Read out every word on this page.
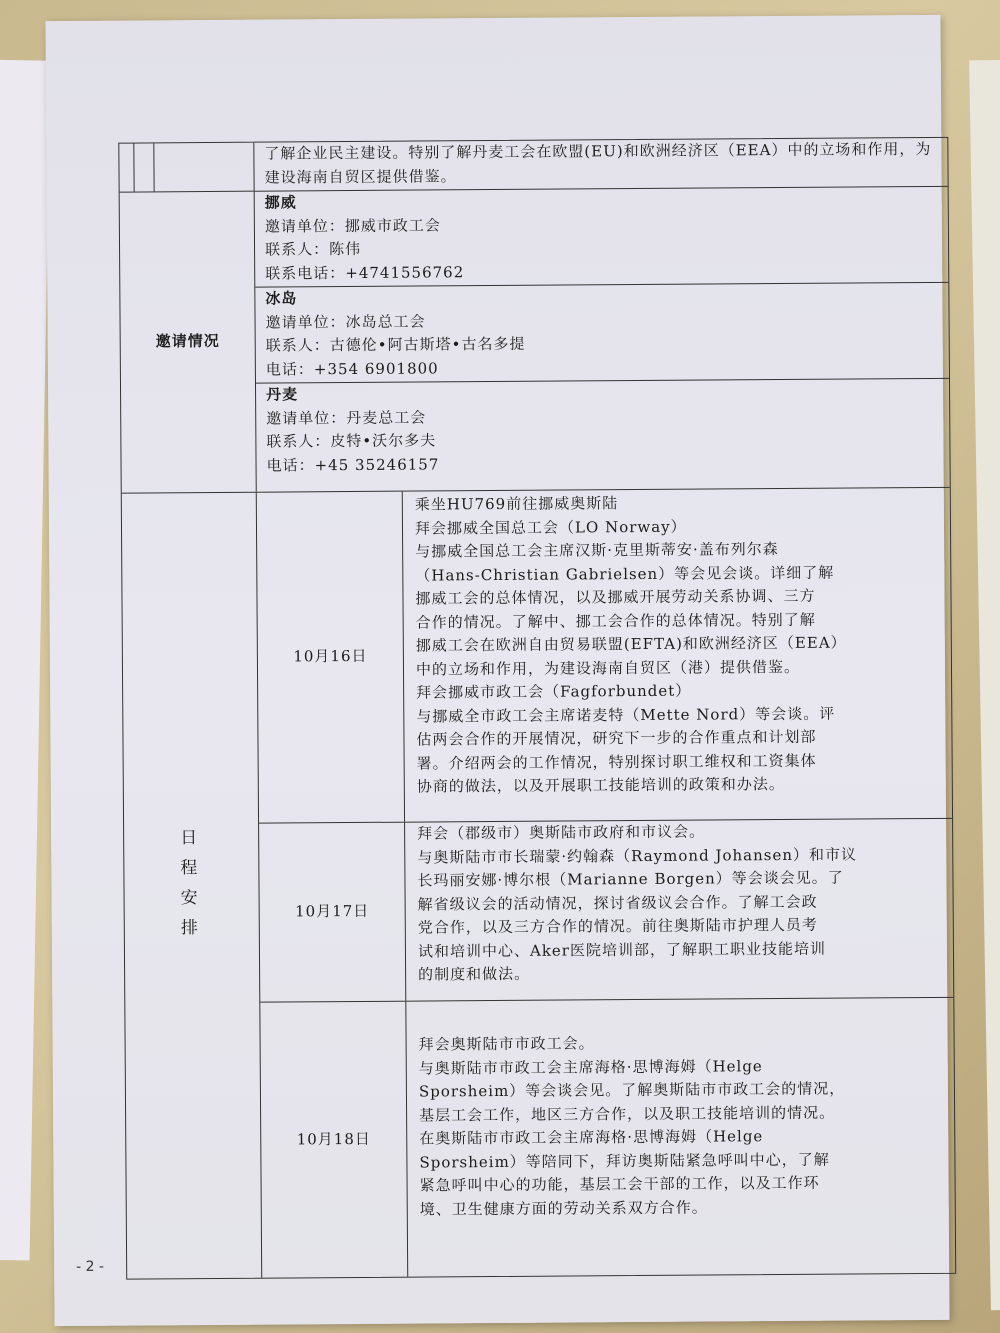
了解企业民主建设。特别了解丹麦工会在欧盟(EU)和欧洲经济区（EEA）中的立场和作用，为建设海南自贸区提供借鉴。
邀请情况
挪威
邀请单位：挪威市政工会
联系人：陈伟
联系电话：+4741556762
冰岛
邀请单位：冰岛总工会
联系人：古德伦•阿古斯塔•古名多提
电话：+354 6901800
丹麦
邀请单位：丹麦总工会
联系人：皮特•沃尔多夫
电话：+45 35246157
日
程
安
排
10月16日
乘坐HU769前往挪威奥斯陆
拜会挪威全国总工会（LO Norway）
与挪威全国总工会主席汉斯·克里斯蒂安·盖布列尔森
（Hans-Christian Gabrielsen）等会见会谈。详细了解
挪威工会的总体情况，以及挪威开展劳动关系协调、三方
合作的情况。了解中、挪工会合作的总体情况。特别了解
挪威工会在欧洲自由贸易联盟(EFTA)和欧洲经济区（EEA）
中的立场和作用，为建设海南自贸区（港）提供借鉴。
拜会挪威市政工会（Fagforbundet）
与挪威全市政工会主席诺麦特（Mette Nord）等会谈。评
估两会合作的开展情况，研究下一步的合作重点和计划部
署。介绍两会的工作情况，特别探讨职工维权和工资集体
协商的做法，以及开展职工技能培训的政策和办法。
10月17日
拜会（郡级市）奥斯陆市政府和市议会。
与奥斯陆市市长瑞蒙·约翰森（Raymond Johansen）和市议
长玛丽安娜·博尔根（Marianne Borgen）等会谈会见。了
解省级议会的活动情况，探讨省级议会合作。了解工会政
党合作，以及三方合作的情况。前往奥斯陆市护理人员考
试和培训中心、Aker医院培训部，了解职工职业技能培训
的制度和做法。
10月18日
拜会奥斯陆市市政工会。
与奥斯陆市市政工会主席海格·思博海姆（Helge
Sporsheim）等会谈会见。了解奥斯陆市市政工会的情况，
基层工会工作，地区三方合作，以及职工技能培训的情况。
在奥斯陆市市政工会主席海格·思博海姆（Helge
Sporsheim）等陪同下，拜访奥斯陆紧急呼叫中心，了解
紧急呼叫中心的功能，基层工会干部的工作，以及工作环
境、卫生健康方面的劳动关系双方合作。
- 2 -
